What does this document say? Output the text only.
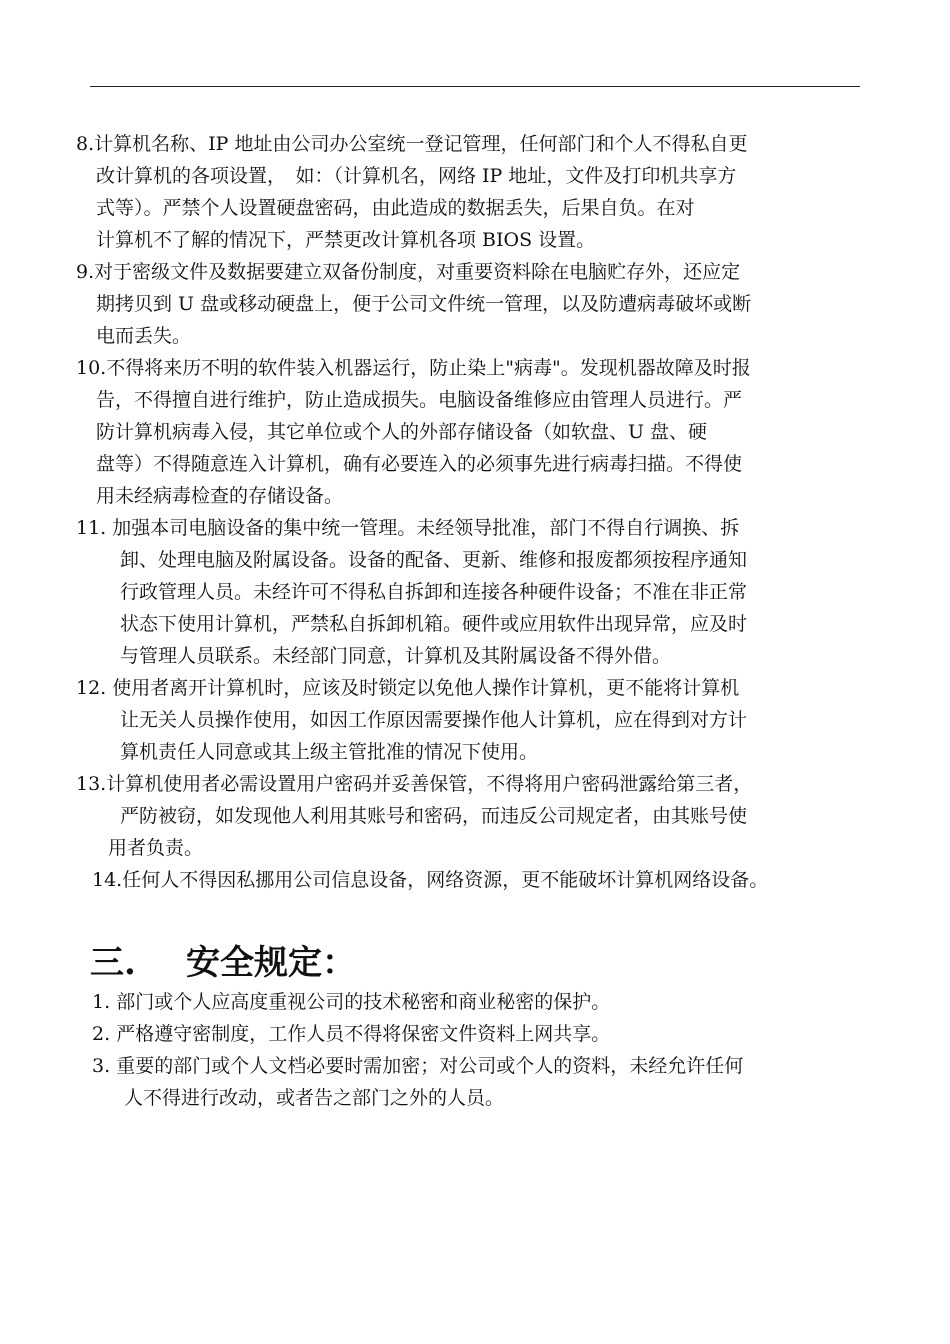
8.计算机名称、IP 地址由公司办公室统一登记管理，任何部门和个人不得私自更
改计算机的各项设置，　如：（计算机名，网络 IP 地址，文件及打印机共享方
式等）。严禁个人设置硬盘密码，由此造成的数据丢失，后果自负。在对
计算机不了解的情况下，严禁更改计算机各项 BIOS 设置。
9.对于密级文件及数据要建立双备份制度，对重要资料除在电脑贮存外，还应定
期拷贝到 U 盘或移动硬盘上，便于公司文件统一管理，以及防遭病毒破坏或断
电而丢失。
10.不得将来历不明的软件装入机器运行，防止染上"病毒"。发现机器故障及时报
告，不得擅自进行维护，防止造成损失。电脑设备维修应由管理人员进行。严
防计算机病毒入侵，其它单位或个人的外部存储设备（如软盘、U 盘、硬
盘等）不得随意连入计算机，确有必要连入的必须事先进行病毒扫描。不得使
用未经病毒检查的存储设备。
11. 加强本司电脑设备的集中统一管理。未经领导批准，部门不得自行调换、拆
卸、处理电脑及附属设备。设备的配备、更新、维修和报废都须按程序通知
行政管理人员。未经许可不得私自拆卸和连接各种硬件设备；不准在非正常
状态下使用计算机，严禁私自拆卸机箱。硬件或应用软件出现异常，应及时
与管理人员联系。未经部门同意，计算机及其附属设备不得外借。
12. 使用者离开计算机时，应该及时锁定以免他人操作计算机，更不能将计算机
让无关人员操作使用，如因工作原因需要操作他人计算机，应在得到对方计
算机责任人同意或其上级主管批准的情况下使用。
13.计算机使用者必需设置用户密码并妥善保管，不得将用户密码泄露给第三者，
严防被窃，如发现他人利用其账号和密码，而违反公司规定者，由其账号使
用者负责。
14.任何人不得因私挪用公司信息设备，网络资源，更不能破坏计算机网络设备。
三. 安全规定：
1. 部门或个人应高度重视公司的技术秘密和商业秘密的保护。
2. 严格遵守密制度，工作人员不得将保密文件资料上网共享。
3. 重要的部门或个人文档必要时需加密；对公司或个人的资料，未经允许任何
人不得进行改动，或者告之部门之外的人员。
